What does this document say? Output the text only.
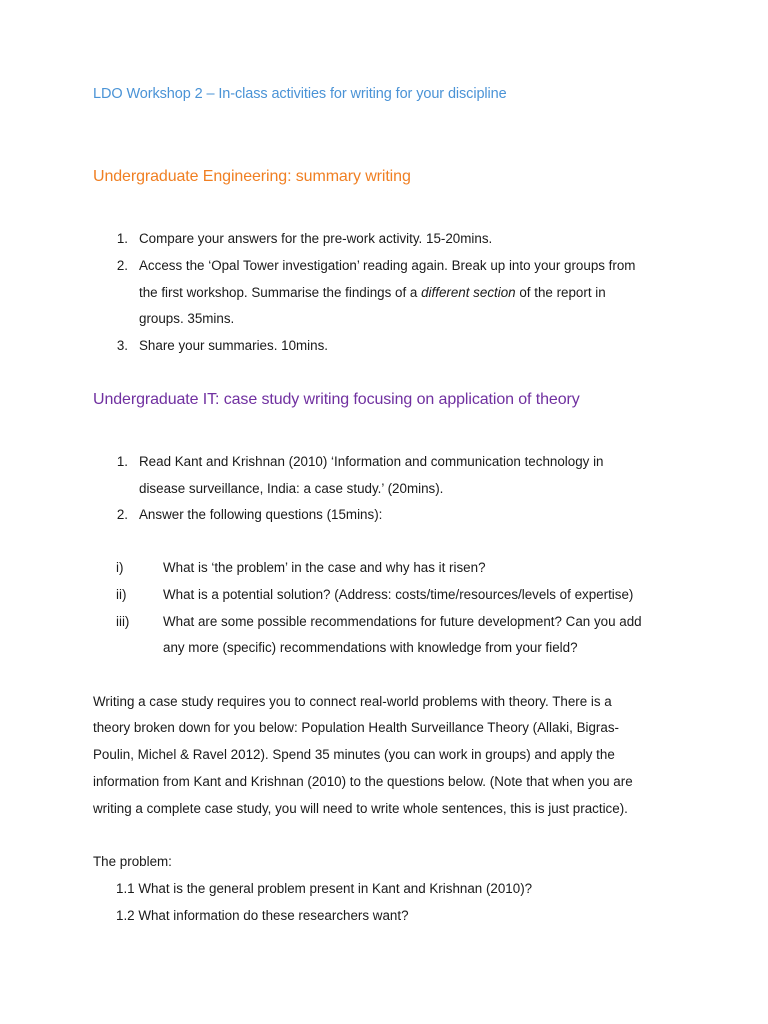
LDO Workshop 2 – In-class activities for writing for your discipline
Undergraduate Engineering: summary writing
1. Compare your answers for the pre-work activity. 15-20mins.
2. Access the ‘Opal Tower investigation’ reading again. Break up into your groups from
the first workshop. Summarise the findings of a different section of the report in
groups. 35mins.
3. Share your summaries. 10mins.
Undergraduate IT: case study writing focusing on application of theory
1. Read Kant and Krishnan (2010) ‘Information and communication technology in
disease surveillance, India: a case study.’ (20mins).
2. Answer the following questions (15mins):
i)	What is ‘the problem’ in the case and why has it risen?
ii)	What is a potential solution? (Address: costs/time/resources/levels of expertise)
iii)	What are some possible recommendations for future development? Can you add
any more (specific) recommendations with knowledge from your field?
Writing a case study requires you to connect real-world problems with theory. There is a
theory broken down for you below: Population Health Surveillance Theory (Allaki, Bigras-
Poulin, Michel & Ravel 2012). Spend 35 minutes (you can work in groups) and apply the
information from Kant and Krishnan (2010) to the questions below. (Note that when you are
writing a complete case study, you will need to write whole sentences, this is just practice).
The problem:
1.1 What is the general problem present in Kant and Krishnan (2010)?
1.2 What information do these researchers want?
